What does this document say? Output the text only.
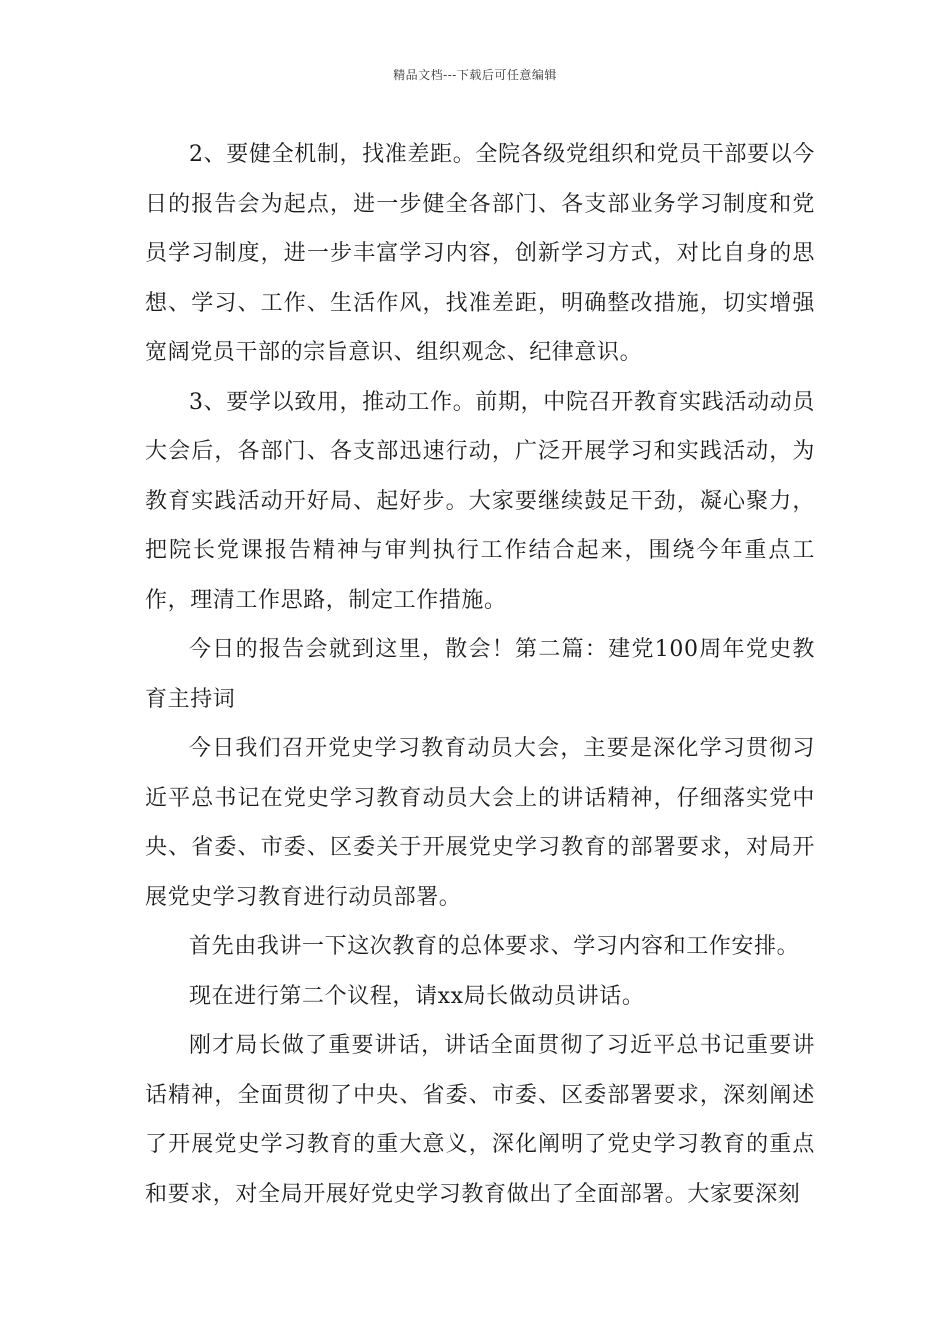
精品文档---下载后可任意编辑

2、要健全机制，找准差距。全院各级党组织和党员干部要以今日的报告会为起点，进一步健全各部门、各支部业务学习制度和党员学习制度，进一步丰富学习内容，创新学习方式，对比自身的思想、学习、工作、生活作风，找准差距，明确整改措施，切实增强宽阔党员干部的宗旨意识、组织观念、纪律意识。

3、要学以致用，推动工作。前期，中院召开教育实践活动动员大会后，各部门、各支部迅速行动，广泛开展学习和实践活动，为教育实践活动开好局、起好步。大家要继续鼓足干劲，凝心聚力，把院长党课报告精神与审判执行工作结合起来，围绕今年重点工作，理清工作思路，制定工作措施。

今日的报告会就到这里，散会！第二篇：建党100周年党史教育主持词

今日我们召开党史学习教育动员大会，主要是深化学习贯彻习近平总书记在党史学习教育动员大会上的讲话精神，仔细落实党中央、省委、市委、区委关于开展党史学习教育的部署要求，对局开展党史学习教育进行动员部署。

首先由我讲一下这次教育的总体要求、学习内容和工作安排。

现在进行第二个议程，请xx局长做动员讲话。

刚才局长做了重要讲话，讲话全面贯彻了习近平总书记重要讲话精神，全面贯彻了中央、省委、市委、区委部署要求，深刻阐述了开展党史学习教育的重大意义，深化阐明了党史学习教育的重点和要求，对全局开展好党史学习教育做出了全面部署。大家要深刻
